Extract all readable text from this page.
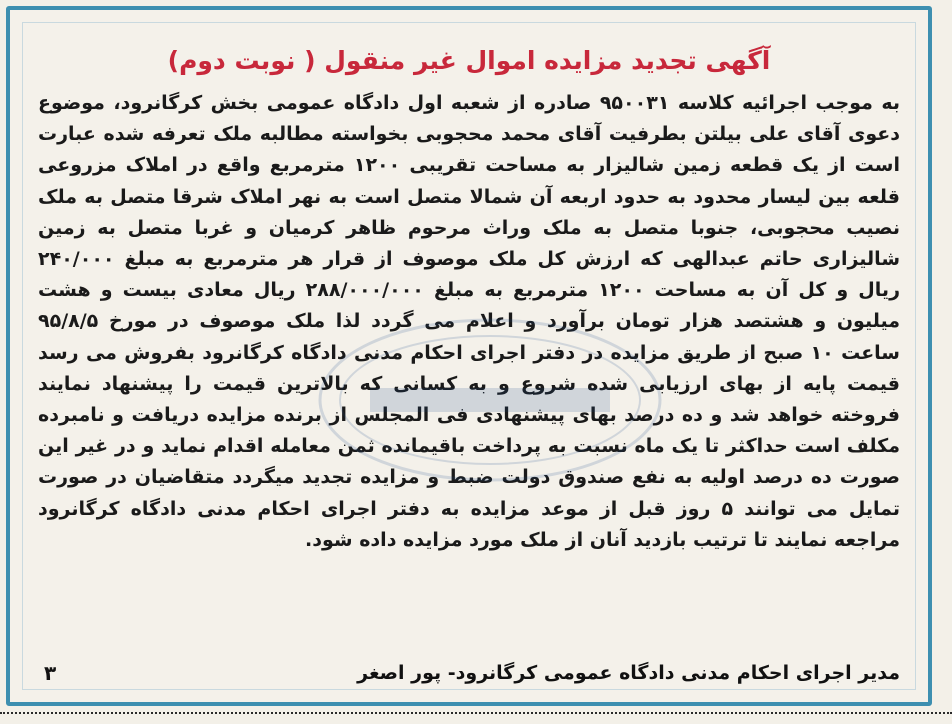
آگهی تجدید مزایده اموال غیر منقول ( نوبت دوم)

به موجب اجرائیه کلاسه ۹۵۰۰۳۱ صادره از شعبه اول دادگاه عمومی بخش کرگانرود، موضوع دعوی آقای علی بیلتن بطرفیت آقای محمد محجوبی بخواسته مطالبه ملک تعرفه شده عبارت است از یک قطعه زمین شالیزار به مساحت تقریبی ۱۲۰۰ مترمربع واقع در املاک مزروعی قلعه بین لیسار محدود به حدود اربعه آن شمالا متصل است به نهر املاک شرقا متصل به ملک نصیب محجوبی، جنوبا متصل به ملک وراث مرحوم ظاهر کرمیان و غربا متصل به زمین شالیزاری حاتم عبدالهی که ارزش کل ملک موصوف از قرار هر مترمربع به مبلغ ۲۴۰/۰۰۰ ریال و کل آن به مساحت ۱۲۰۰ مترمربع به مبلغ ۲۸۸/۰۰۰/۰۰۰ ریال معادی بیست و هشت میلیون و هشتصد هزار تومان برآورد و اعلام می گردد لذا ملک موصوف در مورخ ۹۵/۸/۵ ساعت ۱۰ صبح از طریق مزایده در دفتر اجرای احکام مدنی دادگاه کرگانرود بفروش می رسد قیمت پایه از بهای ارزیابی شده شروع و به کسانی که بالاترین قیمت را پیشنهاد نمایند فروخته خواهد شد و ده درصد بهای پیشنهادی فی المجلس از برنده مزایده دریافت و نامبرده مکلف است حداکثر تا یک ماه نسبت به پرداخت باقیمانده ثمن معامله اقدام نماید و در غیر این صورت ده درصد اولیه به نفع صندوق دولت ضبط و مزایده تجدید میگردد متقاضیان در صورت تمایل می توانند ۵ روز قبل از موعد مزایده به دفتر اجرای احکام مدنی دادگاه کرگانرود مراجعه نمایند تا ترتیب بازدید آنان از ملک مورد مزایده داده شود.

مدیر اجرای احکام مدنی دادگاه عمومی کرگانرود- پور اصغر
۳
